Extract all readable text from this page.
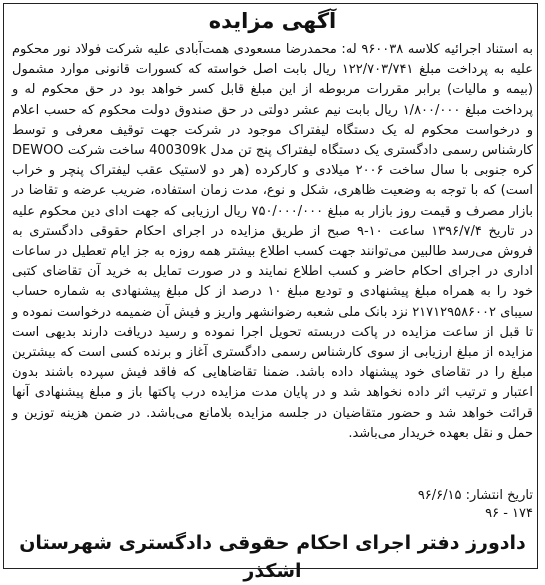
آگهی مزایده

به استناد اجرائیه کلاسه ۹۶۰۰۳۸ له: محمدرضا مسعودی همت‌آبادی علیه شرکت فولاد نور محکوم علیه به پرداخت مبلغ ۱۲۲/۷۰۳/۷۴۱ ریال بابت اصل خواسته که کسورات قانونی موارد مشمول (بیمه و مالیات) برابر مقررات مربوطه از این مبلغ قابل کسر خواهد بود در حق محکوم له و پرداخت مبلغ ۱/۸۰۰/۰۰۰ ریال بابت نیم عشر دولتی در حق صندوق دولت محکوم که حسب اعلام و درخواست محکوم له یک دستگاه لیفتراک موجود در شرکت جهت توقیف معرفی و توسط کارشناس رسمی دادگستری یک دستگاه لیفتراک پنج تن مدل 400309k ساخت شرکت DEWOO کره جنوبی با سال ساخت ۲۰۰۶ میلادی و کارکرده (هر دو لاستیک عقب لیفتراک پنچر و خراب است) که با توجه به وضعیت ظاهری، شکل و نوع، مدت زمان استفاده، ضریب عرضه و تقاضا در بازار مصرف و قیمت روز بازار به مبلغ ۷۵۰/۰۰۰/۰۰۰ ریال ارزیابی که جهت ادای دین محکوم علیه در تاریخ ۱۳۹۶/۷/۴ ساعت ۱۰-۹ صبح از طریق مزایده در اجرای احکام حقوقی دادگستری به فروش می‌رسد طالبین می‌توانند جهت کسب اطلاع بیشتر همه روزه به جز ایام تعطیل در ساعات اداری در اجرای احکام حاضر و کسب اطلاع نمایند و در صورت تمایل به خرید آن تقاضای کتبی خود را به همراه مبلغ پیشنهادی و تودیع مبلغ ۱۰ درصد از کل مبلغ پیشنهادی به شماره حساب سیبای ۲۱۷۱۲۹۵۸۶۰۰۲ نزد بانک ملی شعبه رضوانشهر واریز و فیش آن ضمیمه درخواست نموده و تا قبل از ساعت مزایده در پاکت دربسته تحویل اجرا نموده و رسید دریافت دارند بدیهی است مزایده از مبلغ ارزیابی از سوی کارشناس رسمی دادگستری آغاز و برنده کسی است که بیشترین مبلغ را در تقاضای خود پیشنهاد داده باشد. ضمنا تقاضاهایی که فاقد فیش سپرده باشند بدون اعتبار و ترتیب اثر داده نخواهد شد و در پایان مدت مزایده درب پاکتها باز و مبلغ پیشنهادی آنها قرائت خواهد شد و حضور متقاضیان در جلسه مزایده بلامانع می‌باشد. در ضمن هزینه توزین و حمل و نقل بعهده خریدار می‌باشد.

تاریخ انتشار: ۹۶/۶/۱۵
۹۶ - ۱۷۴
دادورز دفتر اجرای احکام حقوقی دادگستری شهرستان اشکذر
